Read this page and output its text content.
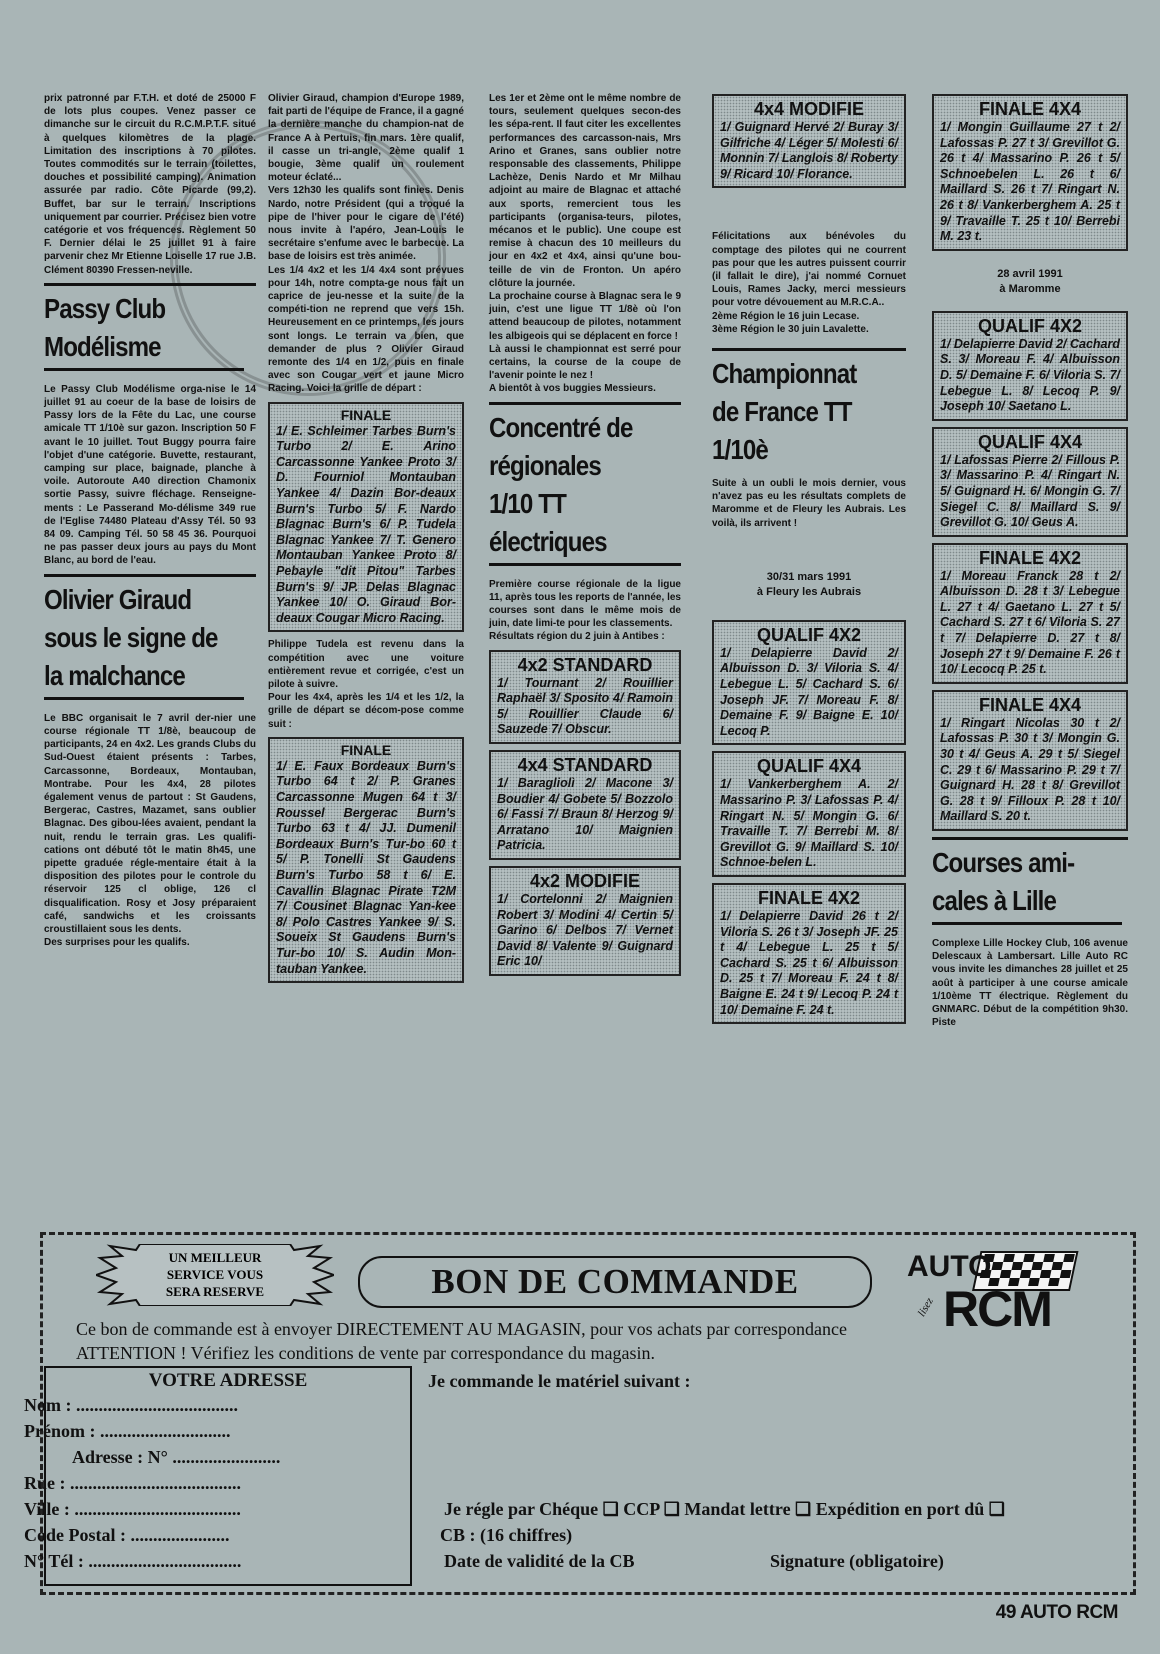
prix patronné par F.T.H. et doté de 25000 F de lots plus coupes. Venez passer ce dimanche sur le circuit du R.C.M.P.T.F. situé à quelques kilomètres de la plage. Limitation des inscriptions à 70 pilotes. Toutes commodités sur le terrain (toilettes, douches et possibilité camping). Animation assurée par radio. Côte Picarde (99,2). Buffet, bar sur le terrain. Inscriptions uniquement par courrier. Précisez bien votre catégorie et vos fréquences. Règlement 50 F. Dernier délai le 25 juillet 91 à faire parvenir chez Mr Etienne Loiselle 17 rue J.B. Clément 80390 Fressen-neville.

Passy Club
Modélisme

Le Passy Club Modélisme orga-nise le 14 juillet 91 au coeur de la base de loisirs de Passy lors de la Fête du Lac, une course amicale TT 1/10è sur gazon. Inscription 50 F avant le 10 juillet. Tout Buggy pourra faire l'objet d'une catégorie. Buvette, restaurant, camping sur place, baignade, planche à voile. Autoroute A40 direction Chamonix sortie Passy, suivre fléchage. Renseigne-ments : Le Passerand Mo-délisme 349 rue de l'Eglise 74480 Plateau d'Assy Tél. 50 93 84 09. Camping Tél. 50 58 45 36. Pourquoi ne pas passer deux jours au pays du Mont Blanc, au bord de l'eau.

Olivier Giraud
sous le signe de
la malchance

Le BBC organisait le 7 avril der-nier une course régionale TT 1/8è, beaucoup de participants, 24 en 4x2. Les grands Clubs du Sud-Ouest étaient présents : Tarbes, Carcassonne, Bordeaux, Montauban, Montrabe. Pour les 4x4, 28 pilotes également venus de partout : St Gaudens, Bergerac, Castres, Mazamet, sans oublier Blagnac. Des gibou-lées avaient, pendant la nuit, rendu le terrain gras. Les qualifi-cations ont débuté tôt le matin 8h45, une pipette graduée régle-mentaire était à la disposition des pilotes pour le controle du réservoir 125 cl oblige, 126 cl disqualification. Rosy et Josy préparaient café, sandwichs et les croissants croustillaient sous les dents.

Des surprises pour les qualifs.

Olivier Giraud, champion d'Europe 1989, fait parti de l'équipe de France, il a gagné la dernière manche du champion-nat de France A à Pertuis, fin mars. 1ère qualif, il casse un tri-angle, 2ème qualif 1 bougie, 3ème qualif un roulement moteur éclaté...

Vers 12h30 les qualifs sont finies. Denis Nardo, notre Président (qui a troqué la pipe de l'hiver pour le cigare de l'été) nous invite à l'apéro, Jean-Louis le secrétaire s'enfume avec le barbecue. La base de loisirs est très animée.

Les 1/4 4x2 et les 1/4 4x4 sont prévues pour 14h, notre compta-ge nous fait un caprice de jeu-nesse et la suite de la compéti-tion ne reprend que vers 15h. Heureusement en ce printemps, les jours sont longs. Le terrain va bien, que demander de plus ? Olivier Giraud remonte des 1/4 en 1/2, puis en finale avec son Cougar vert et jaune Micro Racing. Voici la grille de départ :

FINALE
1/ E. Schleimer Tarbes Burn's Turbo 2/ E. Arino Carcassonne Yankee Proto 3/ D. Fourniol Montauban Yankee 4/ Dazin Bor-deaux Burn's Turbo 5/ F. Nardo Blagnac Burn's 6/ P. Tudela Blagnac Yankee 7/ T. Genero Montauban Yankee Proto 8/ Pebayle "dit Pitou" Tarbes Burn's 9/ JP. Delas Blagnac Yankee 10/ O. Giraud Bor-deaux Cougar Micro Racing.

Philippe Tudela est revenu dans la compétition avec une voiture entièrement revue et corrigée, c'est un pilote à suivre.

Pour les 4x4, après les 1/4 et les 1/2, la grille de départ se décom-pose comme suit :

FINALE
1/ E. Faux Bordeaux Burn's Turbo 64 t 2/ P. Granes Carcassonne Mugen 64 t 3/ Roussel Bergerac Burn's Turbo 63 t 4/ JJ. Dumenil Bordeaux Burn's Tur-bo 60 t 5/ P. Tonelli St Gaudens Burn's Turbo 58 t 6/ E. Cavallin Blagnac Pirate T2M 7/ Cousinet Blagnac Yan-kee 8/ Polo Castres Yankee 9/ S. Soueix St Gaudens Burn's Tur-bo 10/ S. Audin Mon-tauban Yankee.

Les 1er et 2ème ont le même nombre de tours, seulement quelques secon-des les sépa-rent. Il faut citer les excellentes performances des carcasson-nais, Mrs Arino et Granes, sans oublier notre responsable des classements, Philippe Lachèze, Denis Nardo et Mr Milhau adjoint au maire de Blagnac et attaché aux sports, remercient tous les participants (organisa-teurs, pilotes, mécanos et le public). Une coupe est remise à chacun des 10 meilleurs du jour en 4x2 et 4x4, ainsi qu'une bou-teille de vin de Fronton. Un apéro clôture la journée.

La prochaine course à Blagnac sera le 9 juin, c'est une ligue TT 1/8è où l'on attend beaucoup de pilotes, notamment les albigeois qui se déplacent en force !

Là aussi le championnat est serré pour certains, la course de la coupe de l'avenir pointe le nez !

A bientôt à vos buggies Messieurs.

Concentré de
régionales
1/10 TT
électriques

Première course régionale de la ligue 11, après tous les reports de l'année, les courses sont dans le même mois de juin, date limi-te pour les classements.

Résultats région du 2 juin à Antibes :

4x2 STANDARD
1/ Tournant 2/ Rouillier Raphaël 3/ Sposito 4/ Ramoin 5/ Rouillier Claude 6/ Sauzede 7/ Obscur.
4x4 STANDARD
1/ Baragliolì 2/ Macone 3/ Boudier 4/ Gobete 5/ Bozzolo 6/ Fassi 7/ Braun 8/ Herzog 9/ Arratano 10/ Maignien Patricia.
4x2 MODIFIE
1/ Cortelonni 2/ Maignien Robert 3/ Modini 4/ Certin 5/ Garino 6/ Delbos 7/ Vernet David 8/ Valente 9/ Guignard Eric 10/
4x4 MODIFIE
1/ Guignard Hervé 2/ Buray 3/ Gilfriche 4/ Léger 5/ Molesti 6/ Monnin 7/ Langlois 8/ Roberty 9/ Ricard 10/ Florance.

Félicitations aux bénévoles du comptage des pilotes qui ne courrent pas pour que les autres puissent courrir (il fallait le dire), j'ai nommé Cornuet Louis, Rames Jacky, merci messieurs pour votre dévouement au M.R.C.A..

2ème Région le 16 juin Lecase.

3ème Région le 30 juin Lavalette.

Championnat
de France TT
1/10è

Suite à un oubli le mois dernier, vous n'avez pas eu les résultats complets de Maromme et de Fleury les Aubrais. Les voilà, ils arrivent !

30/31 mars 1991
à Fleury les Aubrais
QUALIF 4X2
1/ Delapierre David 2/ Albuisson D. 3/ Viloria S. 4/ Lebegue L. 5/ Cachard S. 6/ Joseph JF. 7/ Moreau F. 8/ Demaine F. 9/ Baigne E. 10/ Lecoq P.
QUALIF 4X4
1/ Vankerberghem A. 2/ Massarino P. 3/ Lafossas P. 4/ Ringart N. 5/ Mongin G. 6/ Travaille T. 7/ Berrebi M. 8/ Grevillot G. 9/ Maillard S. 10/ Schnoe-belen L.
FINALE 4X2
1/ Delapierre David 26 t 2/ Viloria S. 26 t 3/ Joseph JF. 25 t 4/ Lebegue L. 25 t 5/ Cachard S. 25 t 6/ Albuisson D. 25 t 7/ Moreau F. 24 t 8/ Baigne E. 24 t 9/ Lecoq P. 24 t 10/ Demaine F. 24 t.
FINALE 4X4
1/ Mongin Guillaume 27 t 2/ Lafossas P. 27 t 3/ Grevillot G. 26 t 4/ Massarino P. 26 t 5/ Schnoebelen L. 26 t 6/ Maillard S. 26 t 7/ Ringart N. 26 t 8/ Vankerberghem A. 25 t 9/ Travaille T. 25 t 10/ Berrebi M. 23 t.
28 avril 1991
à Maromme
QUALIF 4X2
1/ Delapierre David 2/ Cachard S. 3/ Moreau F. 4/ Albuisson D. 5/ Demaine F. 6/ Viloria S. 7/ Lebegue L. 8/ Lecoq P. 9/ Joseph 10/ Saetano L.
QUALIF 4X4
1/ Lafossas Pierre 2/ Fillous P. 3/ Massarino P. 4/ Ringart N. 5/ Guignard H. 6/ Mongin G. 7/ Siegel C. 8/ Maillard S. 9/ Grevillot G. 10/ Geus A.
FINALE 4X2
1/ Moreau Franck 28 t 2/ Albuisson D. 28 t 3/ Lebegue L. 27 t 4/ Gaetano L. 27 t 5/ Cachard S. 27 t 6/ Viloria S. 27 t 7/ Delapierre D. 27 t 8/ Joseph 27 t 9/ Demaine F. 26 t 10/ Lecocq P. 25 t.
FINALE 4X4
1/ Ringart Nicolas 30 t 2/ Lafossas P. 30 t 3/ Mongin G. 30 t 4/ Geus A. 29 t 5/ Siegel C. 29 t 6/ Massarino P. 29 t 7/ Guignard H. 28 t 8/ Grevillot G. 28 t 9/ Filloux P. 28 t 10/ Maillard S. 20 t.
Courses ami-
cales à Lille

Complexe Lille Hockey Club, 106 avenue Delescaux à Lambersart. Lille Auto RC vous invite les dimanches 28 juillet et 25 août à participer à une course amicale 1/10ème TT électrique. Règlement du GNMARC. Début de la compétition 9h30. Piste

UN MEILLEUR
SERVICE VOUS
SERA RESERVE	BON DE COMMANDE	AUTO
RCM
lisez
Ce bon de commande est à envoyer DIRECTEMENT AU MAGASIN, pour vos achats par correspondance
ATTENTION ! Vérifiez les conditions de vente par correspondance du magasin.
VOTRE ADRESSE
Nom : ....................................
Prénom : .............................
Adresse : N° ........................
Rue : ......................................
Ville : .....................................
Code Postal : ......................
N° Tél : ..................................
Je commande le matériel suivant :
Je régle par Chéque ❑ CCP ❑ Mandat lettre ❑ Expédition en port dû ❑
CB : (16 chiffres)
Date de validité de la CB	Signature (obligatoire)
49 AUTO RCM
